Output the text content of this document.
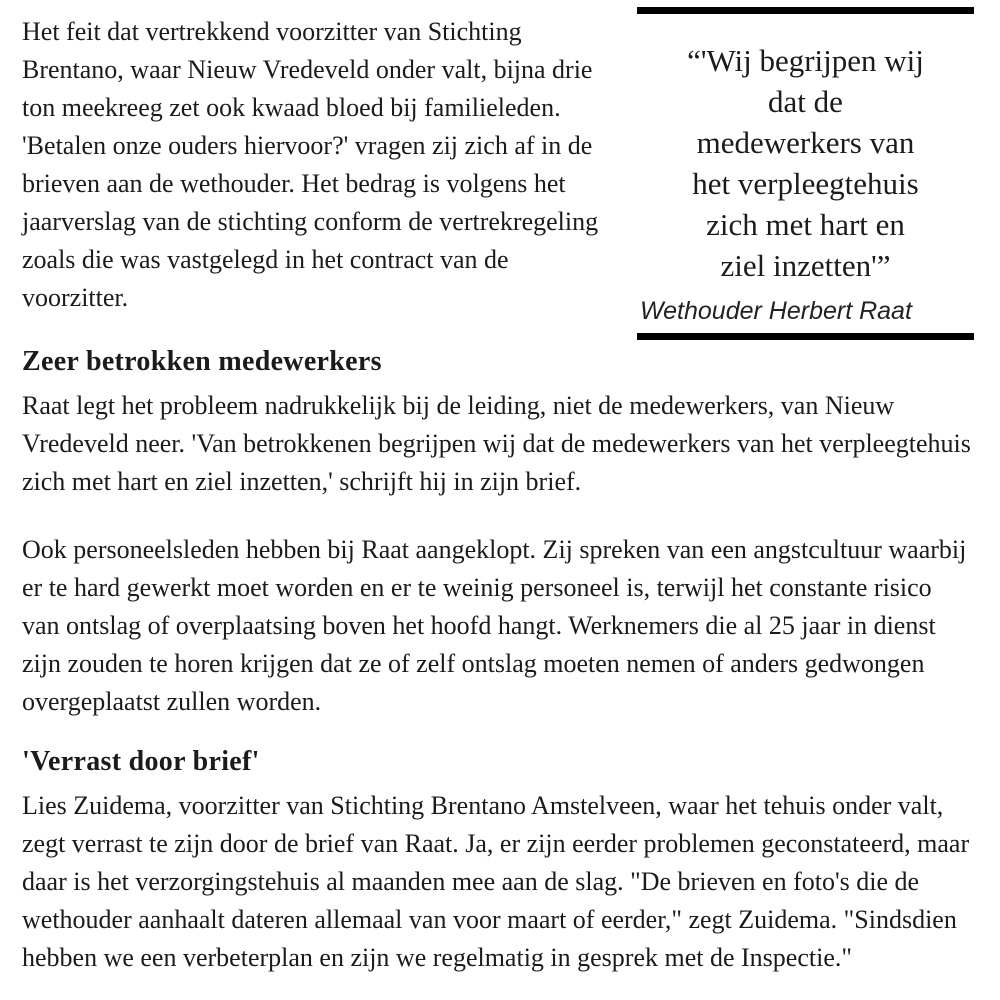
Het feit dat vertrekkend voorzitter van Stichting Brentano, waar Nieuw Vredeveld onder valt, bijna drie ton meekreeg zet ook kwaad bloed bij familieleden. 'Betalen onze ouders hiervoor?' vragen zij zich af in de brieven aan de wethouder. Het bedrag is volgens het jaarverslag van de stichting conform de vertrekregeling zoals die was vastgelegd in het contract van de voorzitter.

“'Wij begrijpen wij
dat de
medewerkers van
het verpleegtehuis
zich met hart en
ziel inzetten'”
Wethouder Herbert Raat
Zeer betrokken medewerkers

Raat legt het probleem nadrukkelijk bij de leiding, niet de medewerkers, van Nieuw Vredeveld neer. 'Van betrokkenen begrijpen wij dat de medewerkers van het verpleegtehuis zich met hart en ziel inzetten,' schrijft hij in zijn brief.

Ook personeelsleden hebben bij Raat aangeklopt. Zij spreken van een angstcultuur waarbij er te hard gewerkt moet worden en er te weinig personeel is, terwijl het constante risico van ontslag of overplaatsing boven het hoofd hangt. Werknemers die al 25 jaar in dienst zijn zouden te horen krijgen dat ze of zelf ontslag moeten nemen of anders gedwongen overgeplaatst zullen worden.

'Verrast door brief'

Lies Zuidema, voorzitter van Stichting Brentano Amstelveen, waar het tehuis onder valt, zegt verrast te zijn door de brief van Raat. Ja, er zijn eerder problemen geconstateerd, maar daar is het verzorgingstehuis al maanden mee aan de slag. "De brieven en foto's die de wethouder aanhaalt dateren allemaal van voor maart of eerder," zegt Zuidema. "Sindsdien hebben we een verbeterplan en zijn we regelmatig in gesprek met de Inspectie."
